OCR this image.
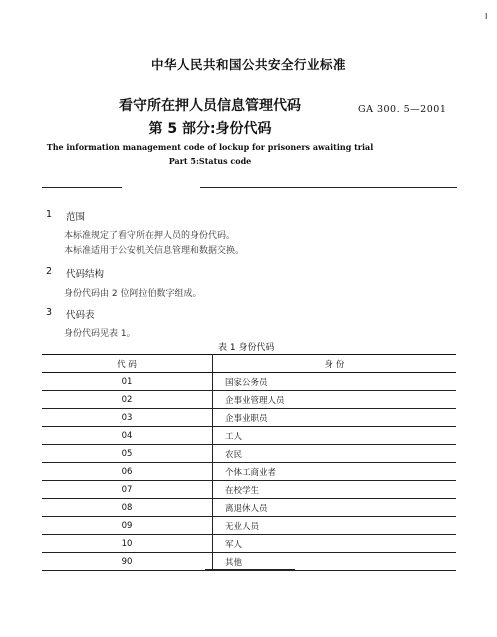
I
中华人民共和国公共安全行业标准
看守所在押人员信息管理代码
第 5 部分:身份代码
GA 300. 5—2001
The information management code of lockup for prisoners awaiting trial
Part 5:Status code
1 范围
本标准规定了看守所在押人员的身份代码。
本标准适用于公安机关信息管理和数据交换。
2 代码结构
身份代码由 2 位阿拉伯数字组成。
3 代码表
身份代码见表 1。
表 1 身份代码
代 码	身 份
01	国家公务员
02	企事业管理人员
03	企事业职员
04	工人
05	农民
06	个体工商业者
07	在校学生
08	离退休人员
09	无业人员
10	军人
90	其他
